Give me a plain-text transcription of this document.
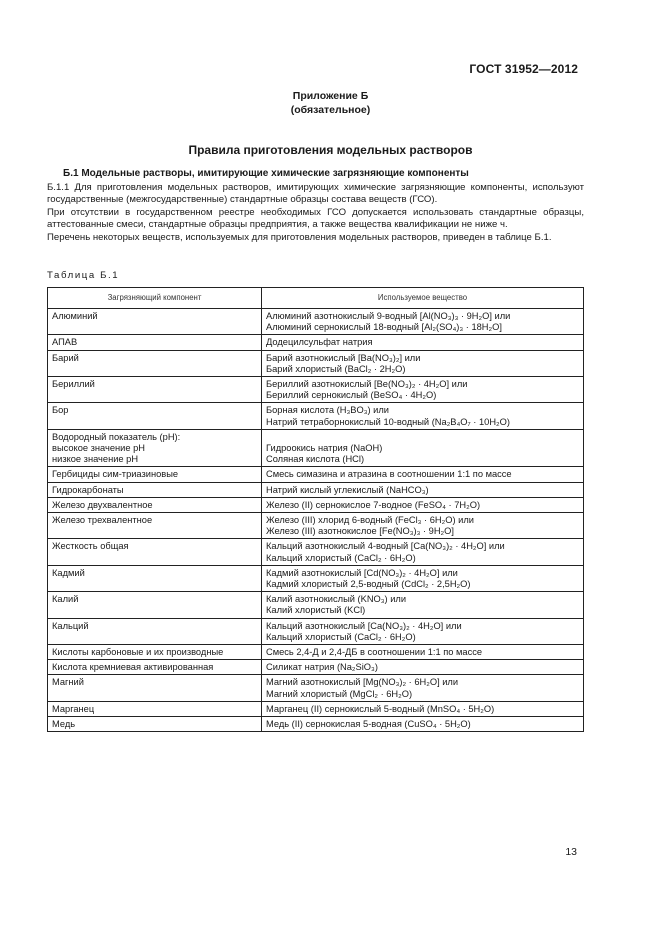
ГОСТ 31952—2012
Приложение Б
(обязательное)
Правила приготовления модельных растворов
Б.1 Модельные растворы, имитирующие химические загрязняющие компоненты
Б.1.1 Для приготовления модельных растворов, имитирующих химические загрязняющие компоненты, используют государственные (межгосударственные) стандартные образцы состава веществ (ГСО).
При отсутствии в государственном реестре необходимых ГСО допускается использовать стандартные образцы, аттестованные смеси, стандартные образцы предприятия, а также вещества квалификации не ниже ч.
Перечень некоторых веществ, используемых для приготовления модельных растворов, приведен в таблице Б.1.
Таблица Б.1
Загрязняющий компонент	Используемое вещество

Алюминий	Алюминий азотнокислый 9-водный [Al(NO₃)₃ · 9H₂O] или
Алюминий сернокислый 18-водный [Al₂(SO₄)₃ · 18H₂O]

АПАВ	Додецилсульфат натрия

Барий	Барий азотнокислый [Ba(NO₃)₂] или
Барий хлористый (BaCl₂ · 2H₂O)

Бериллий	Бериллий азотнокислый [Be(NO₃)₂ · 4H₂O] или
Бериллий сернокислый (BeSO₄ · 4H₂O)

Бор	Борная кислота (H₃BO₃) или
Натрий тетраборнокислый 10-водный (Na₂B₄O₇ · 10H₂O)

Водородный показатель (pH):
высокое значение pH
низкое значение pH	Гидроокись натрия (NaOH)
Соляная кислота (HCl)

Гербициды сим-триазиновые	Смесь симазина и атразина в соотношении 1:1 по массе

Гидрокарбонаты	Натрий кислый углекислый (NaHCO₃)

Железо двухвалентное	Железо (II) сернокислое 7-водное (FeSO₄ · 7H₂O)

Железо трехвалентное	Железо (III) хлорид 6-водный (FeCl₃ · 6H₂O) или
Железо (III) азотнокислое [Fe(NO₃)₃ · 9H₂O]

Жесткость общая	Кальций азотнокислый 4-водный [Ca(NO₃)₂ · 4H₂O] или
Кальций хлористый (CaCl₂ · 6H₂O)

Кадмий	Кадмий азотнокислый [Cd(NO₃)₂ · 4H₂O] или
Кадмий хлористый 2,5-водный (CdCl₂ · 2,5H₂O)

Калий	Калий азотнокислый (KNO₃) или
Калий хлористый (KCl)

Кальций	Кальций азотнокислый [Ca(NO₃)₂ · 4H₂O] или
Кальций хлористый (CaCl₂ · 6H₂O)

Кислоты карбоновые и их производные	Смесь 2,4-Д и 2,4-ДБ в соотношении 1:1 по массе

Кислота кремниевая активированная	Силикат натрия (Na₂SiO₃)

Магний	Магний азотнокислый [Mg(NO₃)₂ · 6H₂O] или
Магний хлористый (MgCl₂ · 6H₂O)

Марганец	Марганец (II) сернокислый 5-водный (MnSO₄ · 5H₂O)

Медь	Медь (II) сернокислая 5-водная (CuSO₄ · 5H₂O)
13
